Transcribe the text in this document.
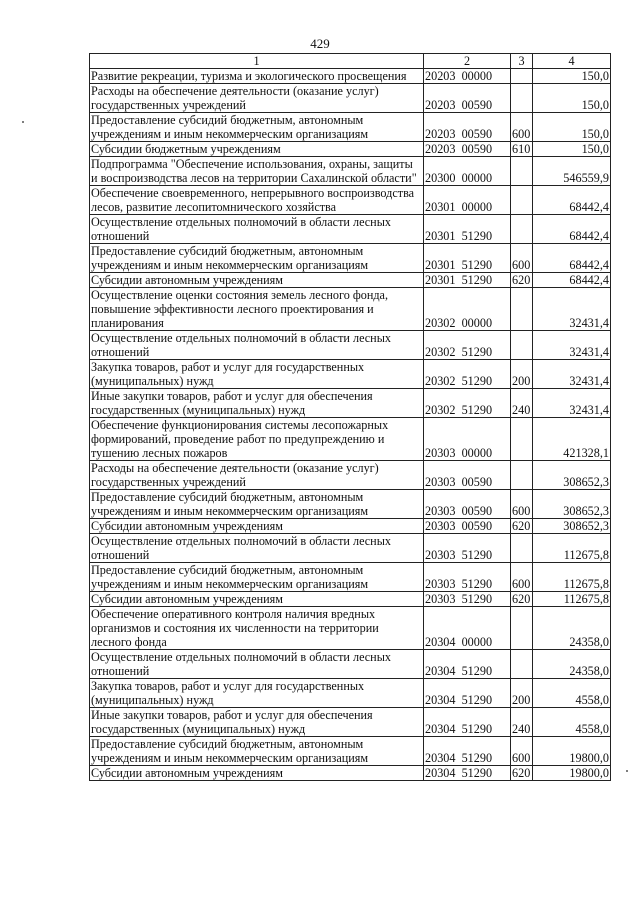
429
1	2	3	4
Развитие рекреации, туризма и экологического просвещения	20203  00000		150,0
Расходы на обеспечение деятельности (оказание услуг) государственных учреждений	20203  00590		150,0
Предоставление субсидий бюджетным, автономным учреждениям и иным некоммерческим организациям	20203  00590	600	150,0
Субсидии бюджетным учреждениям	20203  00590	610	150,0
Подпрограмма "Обеспечение использования, охраны, защиты и воспроизводства лесов на территории Сахалинской области"	20300  00000		546559,9
Обеспечение своевременного, непрерывного воспроизводства лесов, развитие лесопитомнического хозяйства	20301  00000		68442,4
Осуществление отдельных полномочий в области лесных отношений	20301  51290		68442,4
Предоставление субсидий бюджетным, автономным учреждениям и иным некоммерческим организациям	20301  51290	600	68442,4
Субсидии автономным учреждениям	20301  51290	620	68442,4
Осуществление оценки состояния земель лесного фонда, повышение эффективности лесного проектирования и планирования	20302  00000		32431,4
Осуществление отдельных полномочий в области лесных отношений	20302  51290		32431,4
Закупка товаров, работ и услуг для государственных (муниципальных) нужд	20302  51290	200	32431,4
Иные закупки товаров, работ и услуг для обеспечения государственных (муниципальных) нужд	20302  51290	240	32431,4
Обеспечение функционирования системы лесопожарных формирований, проведение работ по предупреждению и тушению лесных пожаров	20303  00000		421328,1
Расходы на обеспечение деятельности (оказание услуг) государственных учреждений	20303  00590		308652,3
Предоставление субсидий бюджетным, автономным учреждениям и иным некоммерческим организациям	20303  00590	600	308652,3
Субсидии автономным учреждениям	20303  00590	620	308652,3
Осуществление отдельных полномочий в области лесных отношений	20303  51290		112675,8
Предоставление субсидий бюджетным, автономным учреждениям и иным некоммерческим организациям	20303  51290	600	112675,8
Субсидии автономным учреждениям	20303  51290	620	112675,8
Обеспечение оперативного контроля наличия вредных организмов и состояния их численности на территории лесного фонда	20304  00000		24358,0
Осуществление отдельных полномочий в области лесных отношений	20304  51290		24358,0
Закупка товаров, работ и услуг для государственных (муниципальных) нужд	20304  51290	200	4558,0
Иные закупки товаров, работ и услуг для обеспечения государственных (муниципальных) нужд	20304  51290	240	4558,0
Предоставление субсидий бюджетным, автономным учреждениям и иным некоммерческим организациям	20304  51290	600	19800,0
Субсидии автономным учреждениям	20304  51290	620	19800,0
